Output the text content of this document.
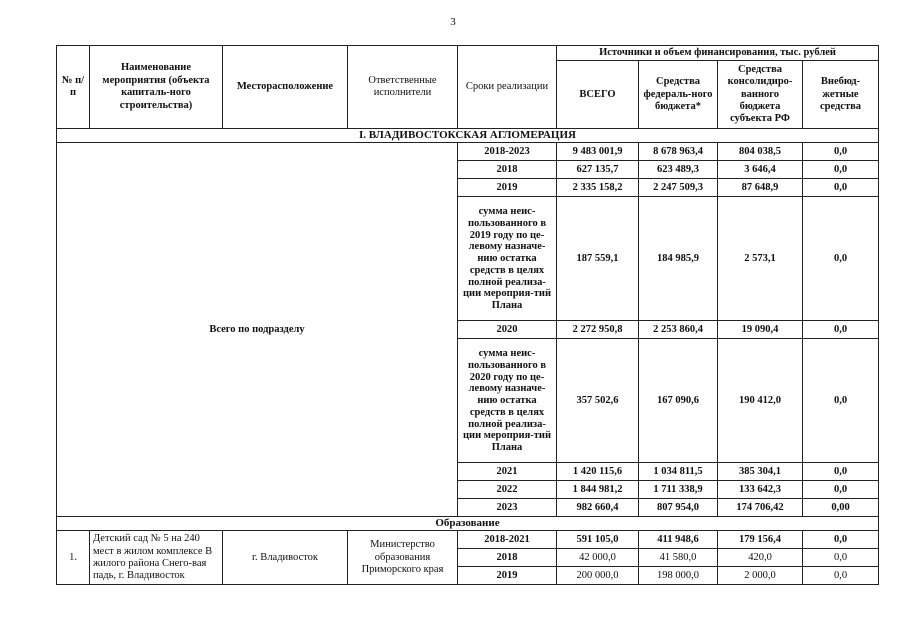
3
№ п/п	Наименование мероприятия (объекта капиталь-ного строительства)	Месторасположение	Ответственные исполнители	Сроки реализации	Источники и объем финансирования, тыс. рублей			
					ВСЕГО	Средства федераль-ного бюджета*	Средства консолидиро-ванного бюджета субъекта РФ	Внебюд-жетные средства
I. ВЛАДИВОСТОКСКАЯ АГЛОМЕРАЦИЯ								
Всего по подразделу				2018-2023	9 483 001,9	8 678 963,4	804 038,5	0,0
				2018	627 135,7	623 489,3	3 646,4	0,0
				2019	2 335 158,2	2 247 509,3	87 648,9	0,0
				сумма неис-пользованного в 2019 году по це-левому назначе-нию остатка средств в целях полной реализа-ции мероприя-тий Плана	187 559,1	184 985,9	2 573,1	0,0
				2020	2 272 950,8	2 253 860,4	19 090,4	0,0
				сумма неис-пользованного в 2020 году по це-левому назначе-нию остатка средств в целях полной реализа-ции мероприя-тий Плана	357 502,6	167 090,6	190 412,0	0,0
				2021	1 420 115,6	1 034 811,5	385 304,1	0,0
				2022	1 844 981,2	1 711 338,9	133 642,3	0,0
				2023	982 660,4	807 954,0	174 706,42	0,00
Образование								
1.	Детский сад № 5 на 240 мест в жилом комплексе В жилого района Снего-вая падь, г. Владивосток	г. Владивосток	Министерство образования Приморского края	2018-2021	591 105,0	411 948,6	179 156,4	0,0
				2018	42 000,0	41 580,0	420,0	0,0
				2019	200 000,0	198 000,0	2 000,0	0,0
